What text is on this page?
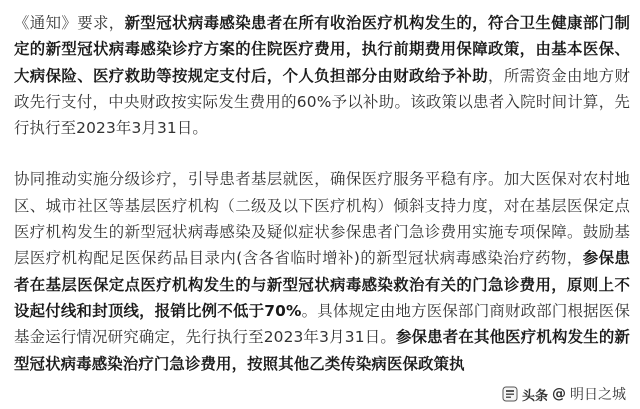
《通知》要求，新型冠状病毒感染患者在所有收治医疗机构发生的，符合卫生健康部门制定的新型冠状病毒感染诊疗方案的住院医疗费用，执行前期费用保障政策，由基本医保、大病保险、医疗救助等按规定支付后，个人负担部分由财政给予补助，所需资金由地方财政先行支付，中央财政按实际发生费用的60%予以补助。该政策以患者入院时间计算，先行执行至2023年3月31日。

协同推动实施分级诊疗，引导患者基层就医，确保医疗服务平稳有序。加大医保对农村地区、城市社区等基层医疗机构（二级及以下医疗机构）倾斜支持力度，对在基层医保定点医疗机构发生的新型冠状病毒感染及疑似症状参保患者门急诊费用实施专项保障。鼓励基层医疗机构配足医保药品目录内(含各省临时增补)的新型冠状病毒感染治疗药物，参保患者在基层医保定点医疗机构发生的与新型冠状病毒感染救治有关的门急诊费用，原则上不设起付线和封顶线，报销比例不低于70%。具体规定由地方医保部门商财政部门根据医保基金运行情况研究确定，先行执行至2023年3月31日。参保患者在其他医疗机构发生的新型冠状病毒感染治疗门急诊费用，按照其他乙类传染病医保政策执

头条 @ 明日之城
